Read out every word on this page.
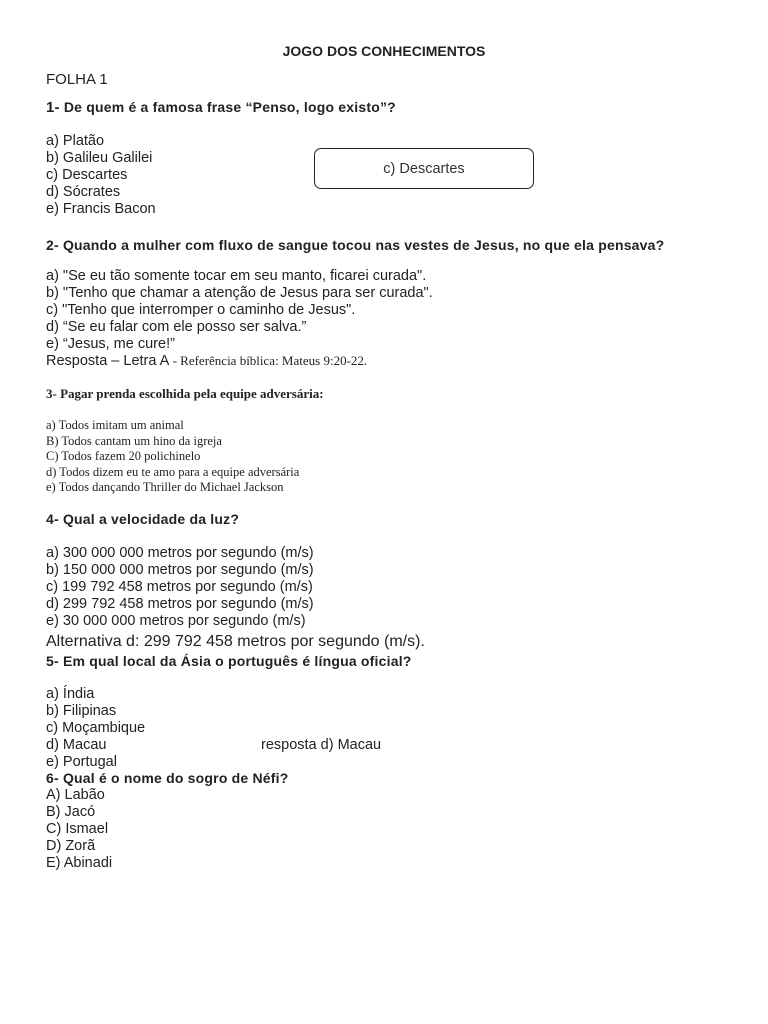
JOGO DOS CONHECIMENTOS
FOLHA 1
1- De quem é a famosa frase “Penso, logo existo”?
a) Platão
b) Galileu Galilei
c) Descartes
d) Sócrates
e) Francis Bacon
c) Descartes
2- Quando a mulher com fluxo de sangue tocou nas vestes de Jesus, no que ela pensava?
a) "Se eu tão somente tocar em seu manto, ficarei curada".
b) "Tenho que chamar a atenção de Jesus para ser curada".
c) "Tenho que interromper o caminho de Jesus".
d) “Se eu falar com ele posso ser salva.”
e) “Jesus, me cure!”
Resposta – Letra A - Referência bíblica: Mateus 9:20-22.
3- Pagar prenda escolhida pela equipe adversária:
a) Todos imitam um animal
B) Todos cantam um hino da igreja
C) Todos fazem 20 polichinelo
d) Todos dizem eu te amo para a equipe adversária
e) Todos dançando Thriller do Michael Jackson
4- Qual a velocidade da luz?
a) 300 000 000 metros por segundo (m/s)
b) 150 000 000 metros por segundo (m/s)
c) 199 792 458 metros por segundo (m/s)
d) 299 792 458 metros por segundo (m/s)
e) 30 000 000 metros por segundo (m/s)
Alternativa d: 299 792 458 metros por segundo (m/s).
5- Em qual local da Ásia o português é língua oficial?
a) Índia
b) Filipinas
c) Moçambique
d) Macau
e) Portugal
resposta d) Macau
6- Qual é o nome do sogro de Néfi?
A) Labão
B) Jacó
C) Ismael
D) Zorã
E) Abinadi
